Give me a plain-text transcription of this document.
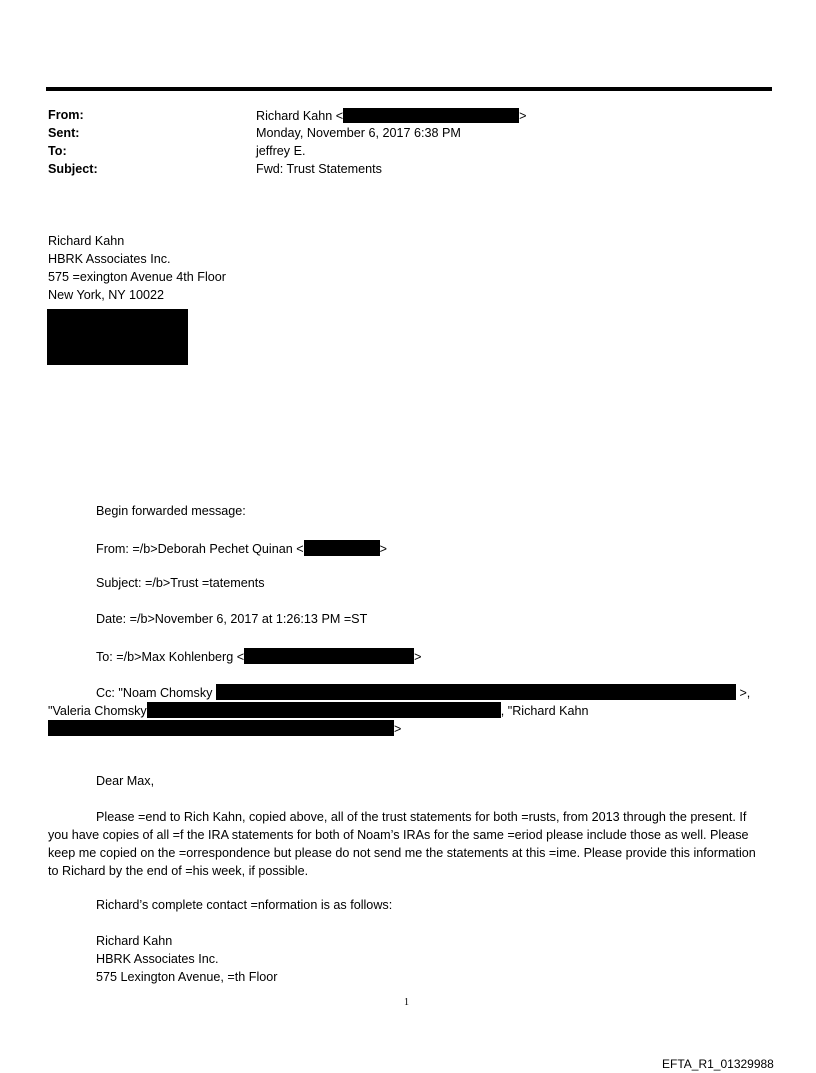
From:	Richard Kahn <	>
Sent:	Monday, November 6, 2017 6:38 PM
To:	jeffrey E.
Subject:	Fwd: Trust Statements
Richard Kahn
HBRK Associates Inc.
575 =exington Avenue 4th Floor
New York, NY 10022
Begin forwarded message:
From: =/b>Deborah Pechet Quinan <	>
Subject: =/b>Trust =tatements
Date: =/b>November 6, 2017 at 1:26:13 PM =ST
To: =/b>Max Kohlenberg <	>
Cc: "Noam Chomsky	>,
"Valeria Chomsky	, "Richard Kahn
>
Dear Max,
Please =end to Rich Kahn, copied above, all of the trust statements for both =rusts, from 2013 through the present. If you have copies of all =f the IRA statements for both of Noam’s IRAs for the same =eriod please include those as well. Please keep me copied on the =orrespondence but please do not send me the statements at this =ime. Please provide this information to Richard by the end of =his week, if possible.
Richard’s complete contact =nformation is as follows:
Richard Kahn
HBRK Associates Inc.
575 Lexington Avenue, =th Floor
1
EFTA_R1_01329988
